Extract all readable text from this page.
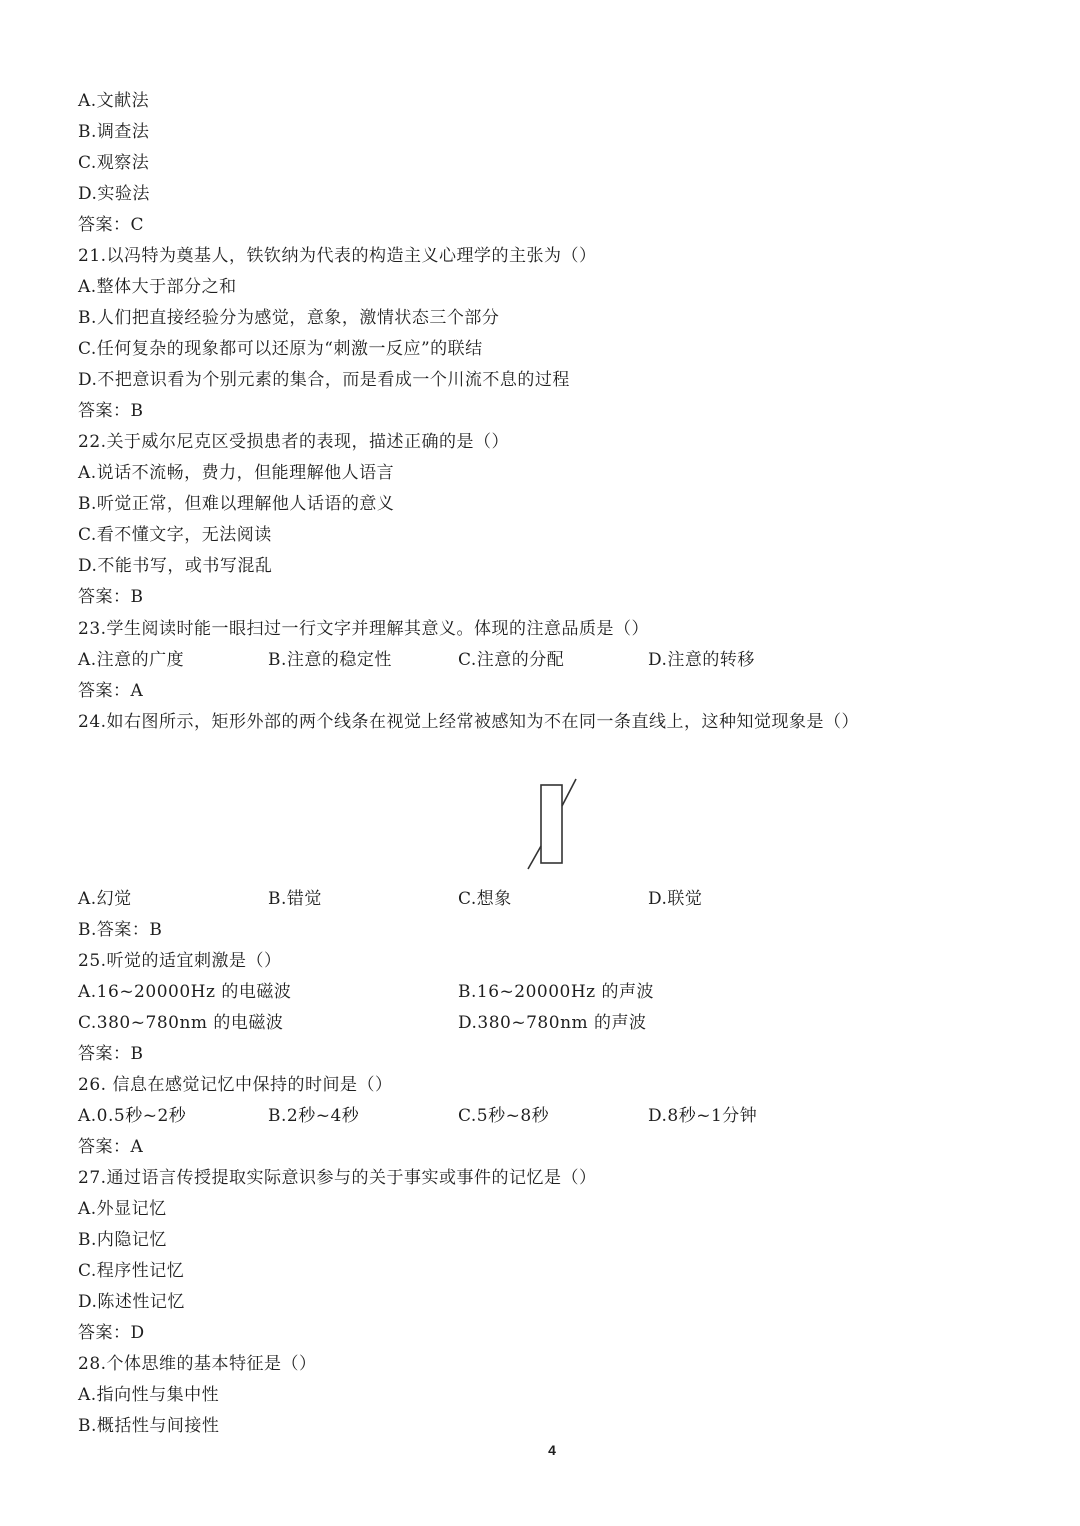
A.文献法
B.调查法
C.观察法
D.实验法
答案：C
21.以冯特为奠基人，铁钦纳为代表的构造主义心理学的主张为（）
A.整体大于部分之和
B.人们把直接经验分为感觉，意象，激情状态三个部分
C.任何复杂的现象都可以还原为“刺激一反应”的联结
D.不把意识看为个别元素的集合，而是看成一个川流不息的过程
答案：B
22.关于威尔尼克区受损患者的表现，描述正确的是（）
A.说话不流畅，费力，但能理解他人语言
B.听觉正常，但难以理解他人话语的意义
C.看不懂文字，无法阅读
D.不能书写，或书写混乱
答案：B
23.学生阅读时能一眼扫过一行文字并理解其意义。体现的注意品质是（）
A.注意的广度	B.注意的稳定性	C.注意的分配	D.注意的转移
答案：A
24.如右图所示，矩形外部的两个线条在视觉上经常被感知为不在同一条直线上，这种知觉现象是（）
A.幻觉	B.错觉	C.想象	D.联觉
B.答案：B
25.听觉的适宜刺激是（）
A.16~20000Hz 的电磁波	B.16~20000Hz 的声波
C.380~780nm 的电磁波	D.380~780nm 的声波
答案：B
26. 信息在感觉记忆中保持的时间是（）
A.0.5秒~2秒	B.2秒~4秒	C.5秒~8秒	D.8秒~1分钟
答案：A
27.通过语言传授提取实际意识参与的关于事实或事件的记忆是（）
A.外显记忆
B.内隐记忆
C.程序性记忆
D.陈述性记忆
答案：D
28.个体思维的基本特征是（）
A.指向性与集中性
B.概括性与间接性
4
